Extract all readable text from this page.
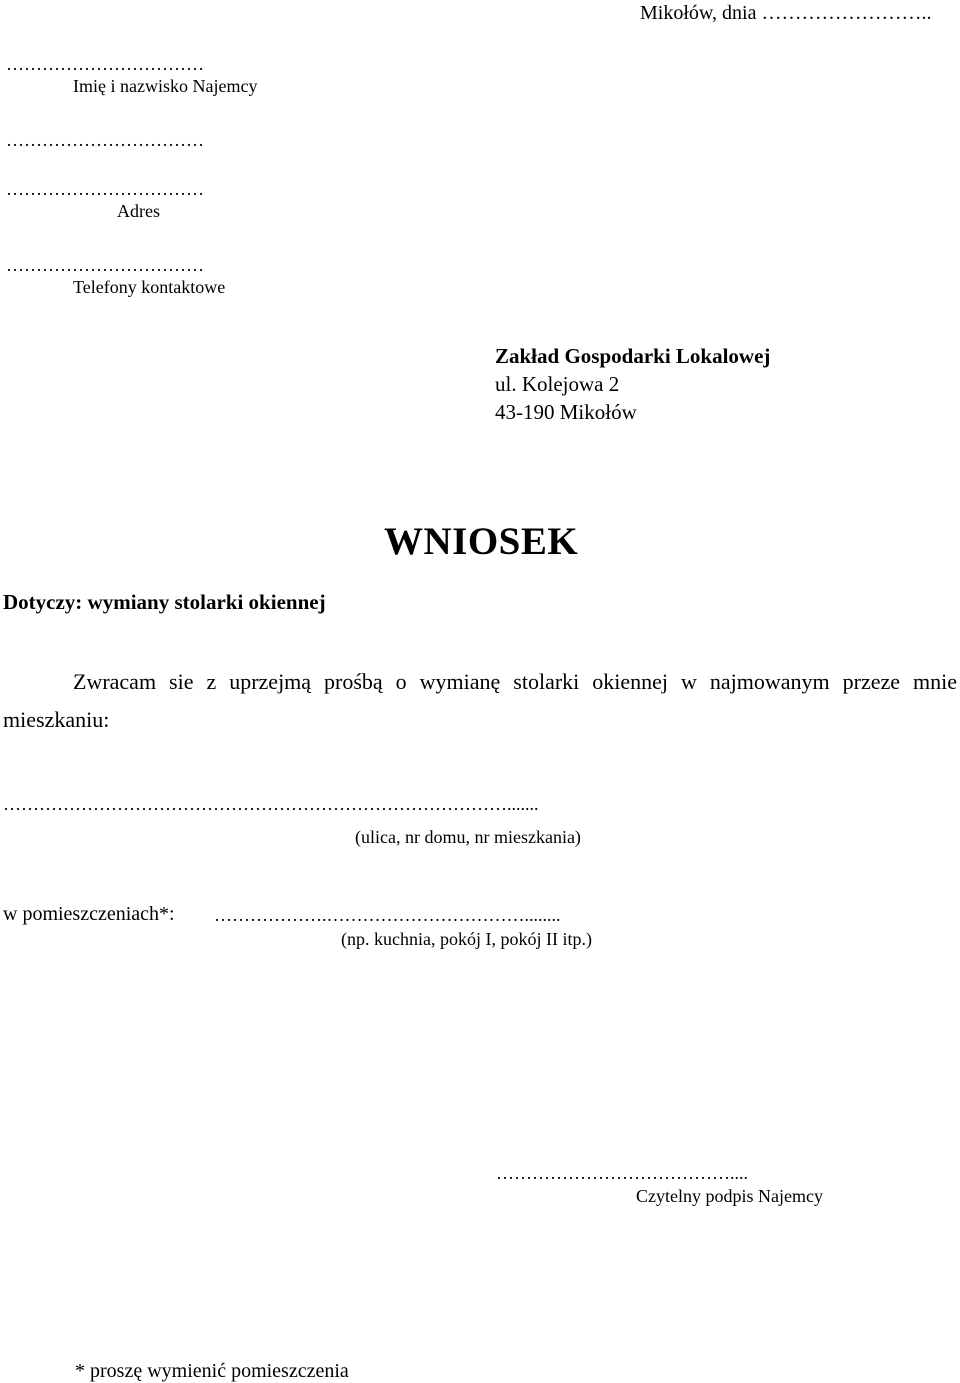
Mikołów, dnia ……………………..
……………………………
Imię i nazwisko Najemcy
……………………………
……………………………
Adres
……………………………
Telefony kontaktowe
Zakład Gospodarki Lokalowej
ul. Kolejowa 2
43-190 Mikołów
WNIOSEK
Dotyczy: wymiany stolarki okiennej
Zwracam sie z uprzejmą prośbą o wymianę stolarki okiennej w najmowanym przeze mnie
mieszkaniu:
………………………………………………………………………….......
(ulica, nr domu, nr mieszkania)
w pomieszczeniach*: ……………….……………………………........
(np. kuchnia, pokój I, pokój II itp.)
…………………………………....
Czytelny podpis Najemcy
* proszę wymienić pomieszczenia
